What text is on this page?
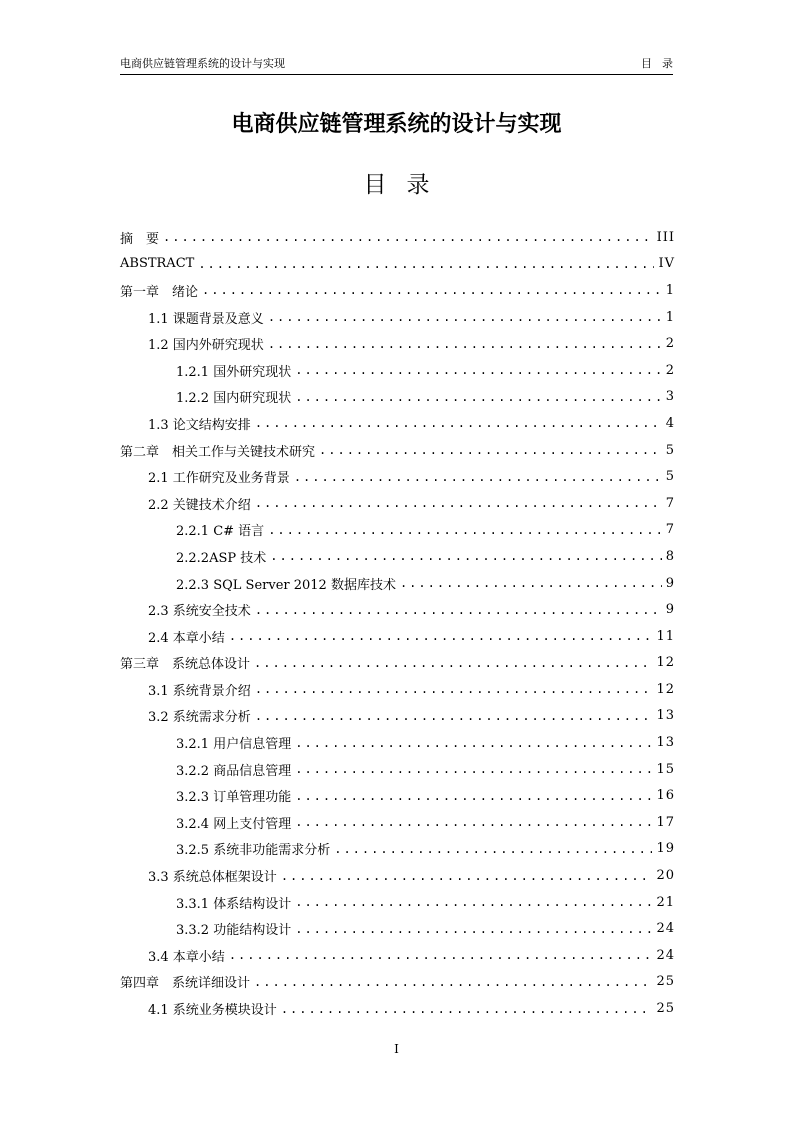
电商供应链管理系统的设计与实现	目录
电商供应链管理系统的设计与实现
目录
摘　要 .....	III
ABSTRACT .....	IV
第一章　绪论 .....	1
1.1 课题背景及意义 .....	1
1.2 国内外研究现状 .....	2
1.2.1 国外研究现状 .....	2
1.2.2 国内研究现状 .....	3
1.3 论文结构安排 .....	4
第二章　相关工作与关键技术研究 .....	5
2.1 工作研究及业务背景 .....	5
2.2 关键技术介绍 .....	7
2.2.1 C# 语言 .....	7
2.2.2ASP 技术 .....	8
2.2.3 SQL Server 2012 数据库技术 .....	9
2.3 系统安全技术 .....	9
2.4 本章小结 .....	11
第三章　系统总体设计 .....	12
3.1 系统背景介绍 .....	12
3.2 系统需求分析 .....	13
3.2.1 用户信息管理 .....	13
3.2.2 商品信息管理 .....	15
3.2.3 订单管理功能 .....	16
3.2.4 网上支付管理 .....	17
3.2.5 系统非功能需求分析 .....	19
3.3 系统总体框架设计 .....	20
3.3.1 体系结构设计 .....	21
3.3.2 功能结构设计 .....	24
3.4 本章小结 .....	24
第四章　系统详细设计 .....	25
4.1 系统业务模块设计 .....	25
I
